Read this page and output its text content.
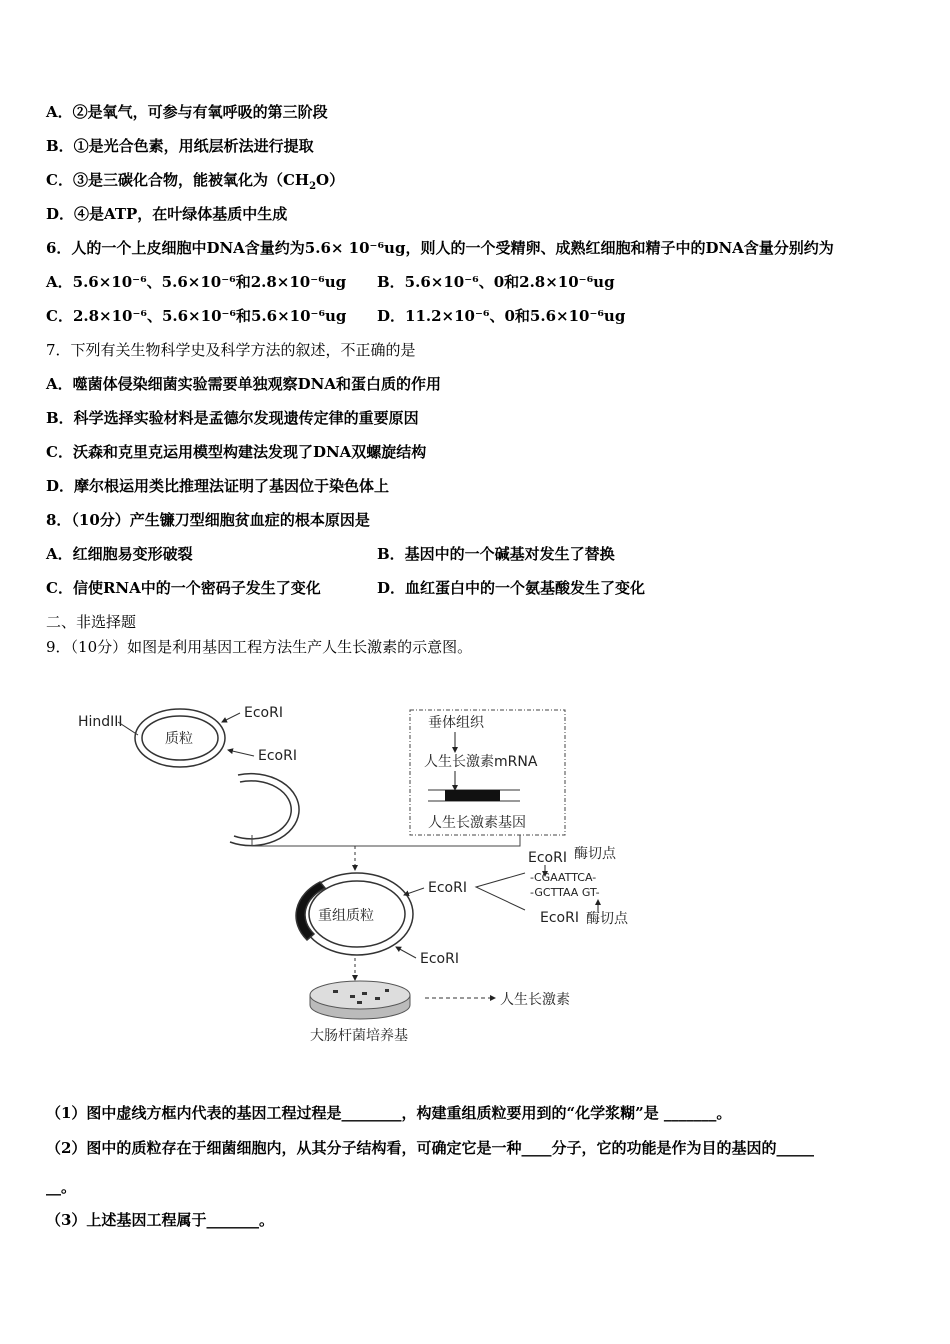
A．②是氧气，可参与有氧呼吸的第三阶段
B．①是光合色素，用纸层析法进行提取
C．③是三碳化合物，能被氧化为$(CH_2O)$
D．④是ATP，在叶绿体基质中生成
6．人的一个上皮细胞中DNA含量约为5.6× 10⁻⁶ug，则人的一个受精卵、成熟红细胞和精子中的DNA含量分别约为
A．5.6×10⁻⁶、5.6×10⁻⁶和2.8×10⁻⁶ug B．5.6×10⁻⁶、0和2.8×10⁻⁶ug
C．2.8×10⁻⁶、5.6×10⁻⁶和5.6×10⁻⁶ug D．11.2×10⁻⁶、0和5.6×10⁻⁶ug
7．下列有关生物科学史及科学方法的叙述，不正确的是
A．噬菌体侵染细菌实验需要单独观察DNA和蛋白质的作用
B．科学选择实验材料是孟德尔发现遗传定律的重要原因
C．沃森和克里克运用模型构建法发现了DNA双螺旋结构
D．摩尔根运用类比推理法证明了基因位于染色体上
8．（10分）产生镰刀型细胞贫血症的根本原因是
A．红细胞易变形破裂	B．基因中的一个碱基对发生了替换
C．信使RNA中的一个密码子发生了变化	D．血红蛋白中的一个氨基酸发生了变化
二、非选择题
9．（10分）如图是利用基因工程方法生产人生长激素的示意图。
质粒
HindIII
EcoRI
EcoRI
垂体组织
人生长激素mRNA
人生长激素基因
重组质粒
EcoRI
EcoRI
EcoRI 酶切点
-CGAATTCA-
-GCTTAA GT-
EcoRI 酶切点
大肠杆菌培养基
人生长激素
（1）图中虚线方框内代表的基因工程过程是________，构建重组质粒要用到的“化学浆糊”是 _______。
（2）图中的质粒存在于细菌细胞内，从其分子结构看，可确定它是一种____分子，它的功能是作为目的基因的_____
__。
（3）上述基因工程属于_______。
